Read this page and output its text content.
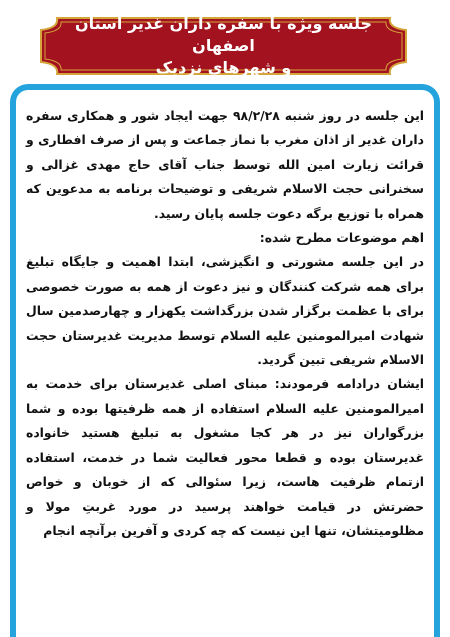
جلسه ویژه با سفره داران غدیر استان اصفهان
و شهرهای نزدیک

این جلسه در روز شنبه ۹۸/۲/۲۸ جهت ایجاد شور و همکاری سفره داران غدیر از اذان مغرب با نماز جماعت و پس از صرف افطاری و قرائت زیارت امین الله توسط جناب آقای حاج مهدی غزالی و سخنرانی حجت الاسلام شریفی و توضیحات برنامه به مدعوین که همراه با توزیع برگه دعوت جلسه پایان رسید.

اهم موضوعات مطرح شده:

در این جلسه مشورتی و انگیزشی، ابتدا اهمیت و جایگاه تبلیغ برای همه شرکت کنندگان و نیز دعوت از همه به صورت خصوصی برای با عظمت برگزار شدن بزرگداشت یکهزار و چهارصدمین سال شهادت امیرالمومنین علیه السلام توسط مدیریت غدیرستان حجت الاسلام شریفی تبین گردید.

ایشان درادامه فرمودند: مبنای اصلی غدیرستان برای خدمت به امیرالمومنین علیه السلام استفاده از همه ظرفیتها بوده و شما بزرگواران نیز در هر کجا مشغول به تبلیغ هستید خانواده غدیرستان بوده و قطعا محور فعالیت شما در خدمت، استفاده ازتمام ظرفیت هاست، زیرا سئوالی که از خوبان و خواص حضرتش در قیامت خواهند پرسید در مورد غربتِ مولا و مظلومیتشان، تنها این نیست که چه کردی و آفرین برآنچه انجام
